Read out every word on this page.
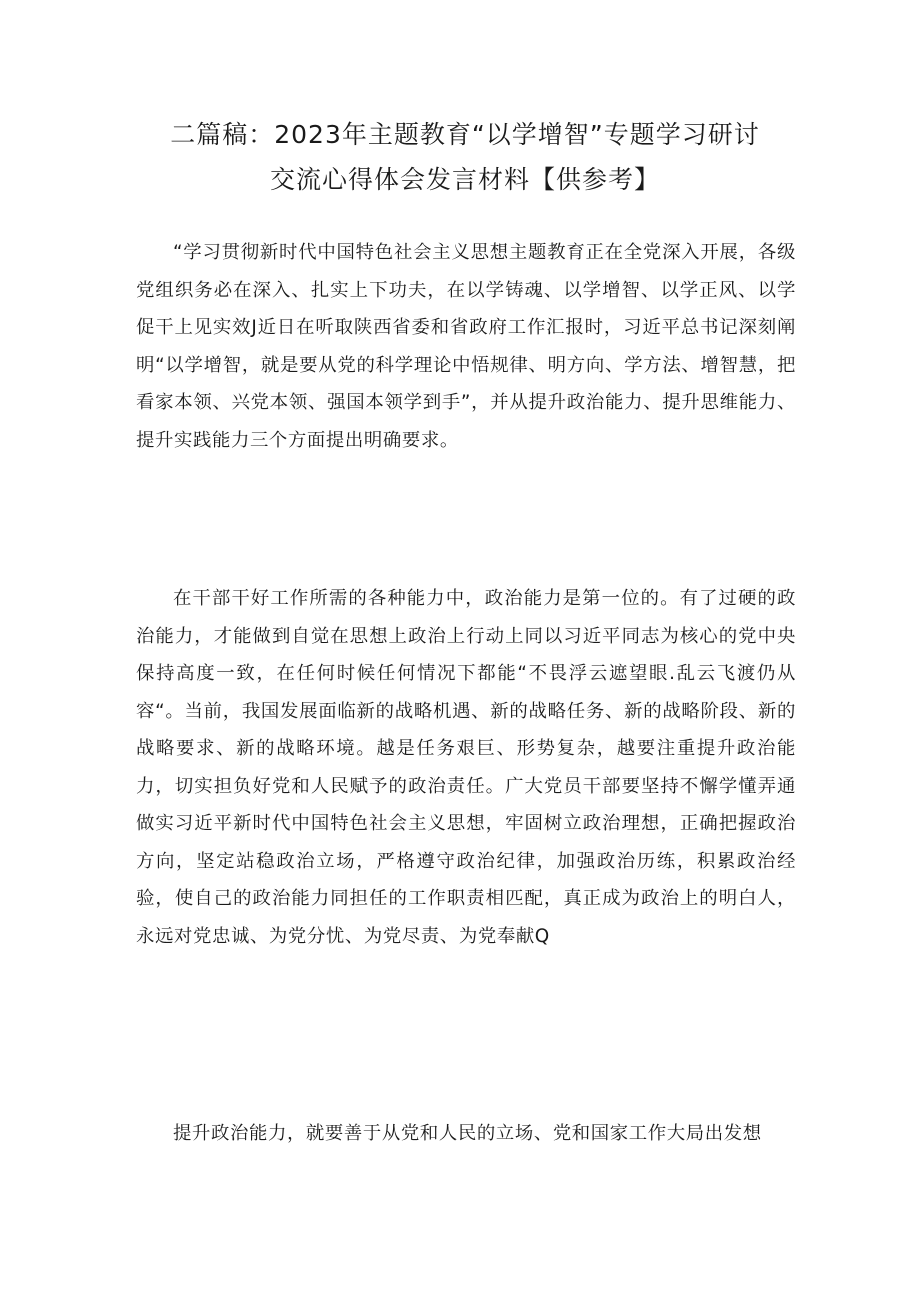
二篇稿：2023年主题教育“以学增智”专题学习研讨
交流心得体会发言材料【供参考】

“学习贯彻新时代中国特色社会主义思想主题教育正在全党深入开展，各级党组织务必在深入、扎实上下功夫，在以学铸魂、以学增智、以学正风、以学促干上见实效J近日在听取陕西省委和省政府工作汇报时，习近平总书记深刻阐明“以学增智，就是要从党的科学理论中悟规律、明方向、学方法、增智慧，把看家本领、兴党本领、强国本领学到手”，并从提升政治能力、提升思维能力、提升实践能力三个方面提出明确要求。

在干部干好工作所需的各种能力中，政治能力是第一位的。有了过硬的政治能力，才能做到自觉在思想上政治上行动上同以习近平同志为核心的党中央保持高度一致，在任何时候任何情况下都能“不畏浮云遮望眼.乱云飞渡仍从容“。当前，我国发展面临新的战略机遇、新的战略任务、新的战略阶段、新的战略要求、新的战略环境。越是任务艰巨、形势复杂，越要注重提升政治能力，切实担负好党和人民赋予的政治责任。广大党员干部要坚持不懈学懂弄通做实习近平新时代中国特色社会主义思想，牢固树立政治理想，正确把握政治方向，坚定站稳政治立场，严格遵守政治纪律，加强政治历练，积累政治经验，使自己的政治能力同担任的工作职责相匹配，真正成为政治上的明白人，永远对党忠诚、为党分忧、为党尽责、为党奉献Q

提升政治能力，就要善于从党和人民的立场、党和国家工作大局出发想
